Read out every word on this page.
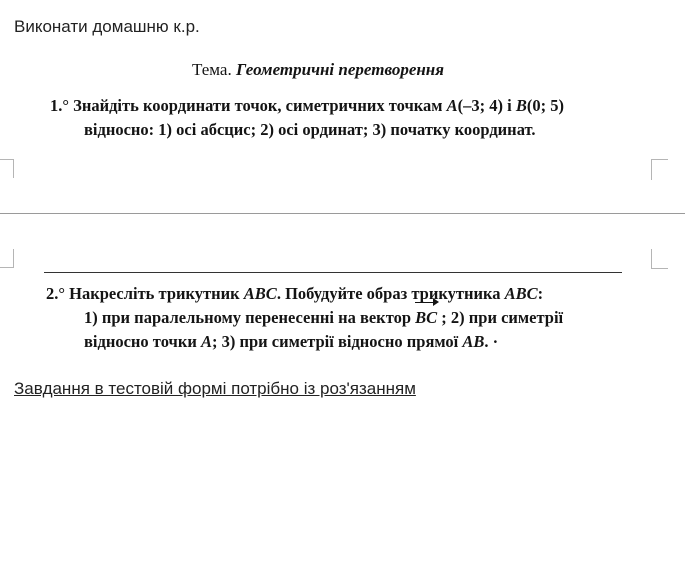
Виконати домашню к.р.
Тема. Геометричні перетворення
1.° Знайдіть координати точок, симетричних точкам A(–3; 4) і B(0; 5)
відносно: 1) осі абсцис; 2) осі ординат; 3) початку координат.
2.° Накресліть трикутник ABC. Побудуйте образ трикутника ABC:
1) при паралельному перенесенні на вектор
BC ; 2) при симетрії
відносно точки A; 3) при симетрії відносно прямої AB. ·
Завдання в тестовій формі потрібно із роз'язанням
